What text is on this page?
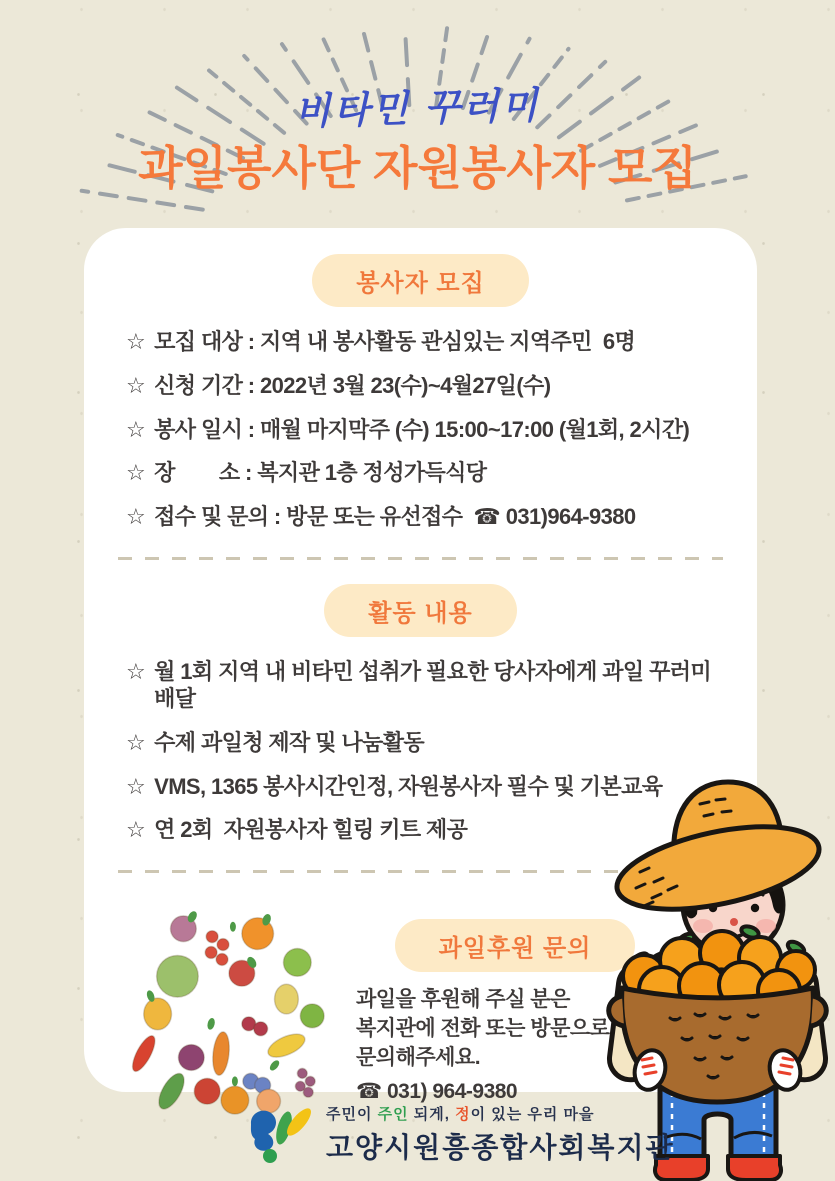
비타민 꾸러미
과일봉사단 자원봉사자 모집
봉사자 모집
☆ 모집 대상 : 지역 내 봉사활동 관심있는 지역주민  6명
☆ 신청 기간 : 2022년 3월 23(수)~4월27일(수)
☆ 봉사 일시 : 매월 마지막주 (수) 15:00~17:00 (월1회, 2시간)
☆ 장        소 : 복지관 1층 정성가득식당
☆ 접수 및 문의 : 방문 또는 유선접수  ☎ 031)964-9380
활동 내용
☆ 월 1회 지역 내 비타민 섭취가 필요한 당사자에게 과일 꾸러미 배달
☆ 수제 과일청 제작 및 나눔활동
☆ VMS, 1365 봉사시간인정, 자원봉사자 필수 및 기본교육
☆ 연 2회  자원봉사자 힐링 키트 제공
과일후원 문의
과일을 후원해 주실 분은
복지관에 전화 또는 방문으로
문의해주세요.
☎ 031) 964-9380
주민이 주인 되게, 정이 있는 우리 마을
고양시원흥종합사회복지관
